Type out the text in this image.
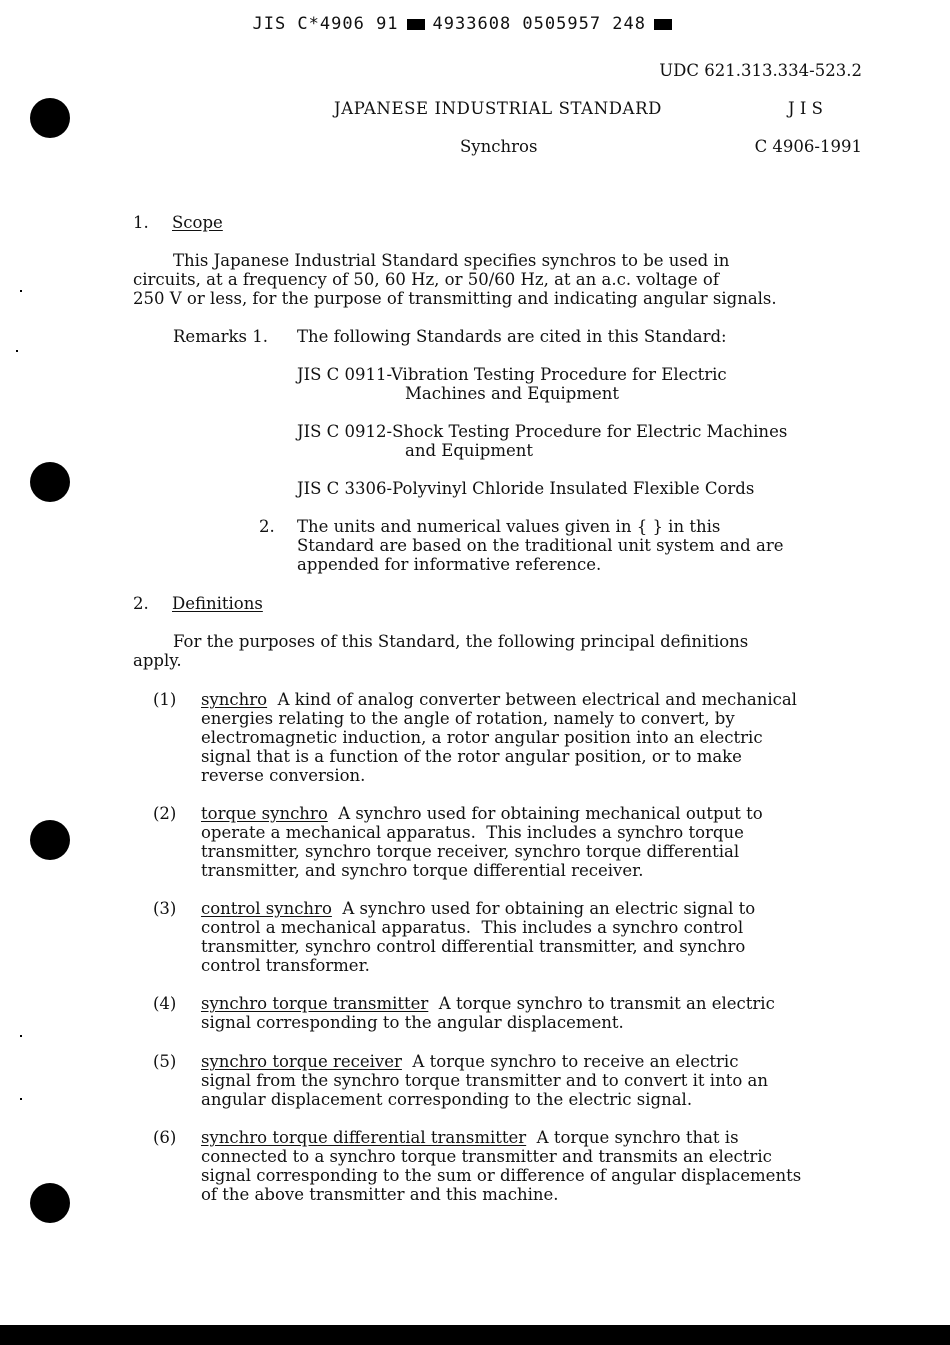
JIS C*4906 91 4933608 0505957 248

UDC 621.313.334-523.2
JAPANESE INDUSTRIAL STANDARD	J I S
Synchros	C 4906-1991
1. Scope
This Japanese Industrial Standard specifies synchros to be used in
circuits, at a frequency of 50, 60 Hz, or 50/60 Hz, at an a.c. voltage of
250 V or less, for the purpose of transmitting and indicating angular signals.
Remarks 1. The following Standards are cited in this Standard:
JIS C 0911-Vibration Testing Procedure for Electric
Machines and Equipment
JIS C 0912-Shock Testing Procedure for Electric Machines
and Equipment
JIS C 3306-Polyvinyl Chloride Insulated Flexible Cords
2. The units and numerical values given in { } in this
Standard are based on the traditional unit system and are
appended for informative reference.
2. Definitions
For the purposes of this Standard, the following principal definitions
apply.
(1) synchro A kind of analog converter between electrical and mechanical
energies relating to the angle of rotation, namely to convert, by
electromagnetic induction, a rotor angular position into an electric
signal that is a function of the rotor angular position, or to make
reverse conversion.
(2) torque synchro A synchro used for obtaining mechanical output to
operate a mechanical apparatus.  This includes a synchro torque
transmitter, synchro torque receiver, synchro torque differential
transmitter, and synchro torque differential receiver.
(3) control synchro A synchro used for obtaining an electric signal to
control a mechanical apparatus.  This includes a synchro control
transmitter, synchro control differential transmitter, and synchro
control transformer.
(4) synchro torque transmitter A torque synchro to transmit an electric
signal corresponding to the angular displacement.
(5) synchro torque receiver A torque synchro to receive an electric
signal from the synchro torque transmitter and to convert it into an
angular displacement corresponding to the electric signal.
(6) synchro torque differential transmitter A torque synchro that is
connected to a synchro torque transmitter and transmits an electric
signal corresponding to the sum or difference of angular displacements
of the above transmitter and this machine.
